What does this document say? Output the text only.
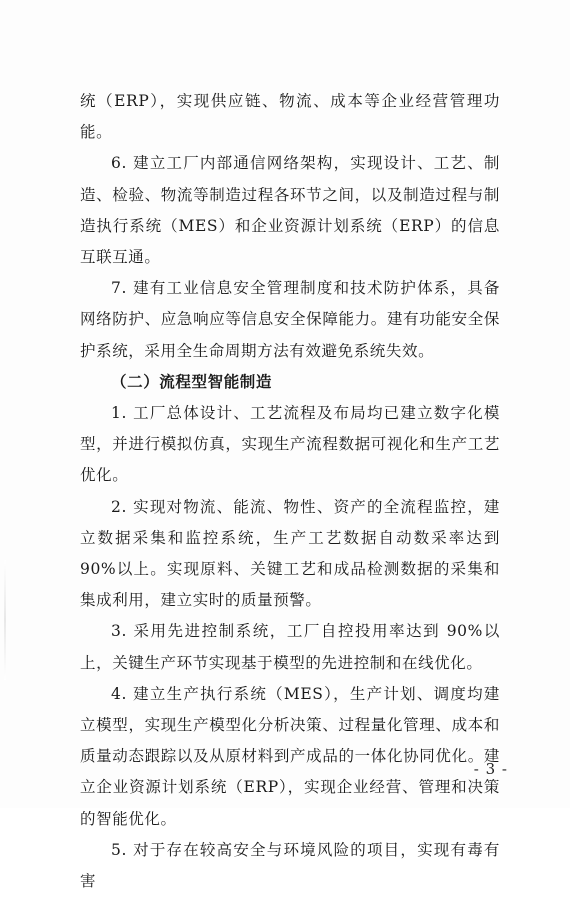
统（ERP），实现供应链、物流、成本等企业经营管理功能。

6. 建立工厂内部通信网络架构，实现设计、工艺、制造、检验、物流等制造过程各环节之间，以及制造过程与制造执行系统（MES）和企业资源计划系统（ERP）的信息互联互通。

7. 建有工业信息安全管理制度和技术防护体系，具备网络防护、应急响应等信息安全保障能力。建有功能安全保护系统，采用全生命周期方法有效避免系统失效。

（二）流程型智能制造

1. 工厂总体设计、工艺流程及布局均已建立数字化模型，并进行模拟仿真，实现生产流程数据可视化和生产工艺优化。

2. 实现对物流、能流、物性、资产的全流程监控，建立数据采集和监控系统，生产工艺数据自动数采率达到 90%以上。实现原料、关键工艺和成品检测数据的采集和集成利用，建立实时的质量预警。

3. 采用先进控制系统，工厂自控投用率达到 90%以上，关键生产环节实现基于模型的先进控制和在线优化。

4. 建立生产执行系统（MES），生产计划、调度均建立模型，实现生产模型化分析决策、过程量化管理、成本和质量动态跟踪以及从原材料到产成品的一体化协同优化。建立企业资源计划系统（ERP），实现企业经营、管理和决策的智能优化。

5. 对于存在较高安全与环境风险的项目，实现有毒有害

- 3 -
